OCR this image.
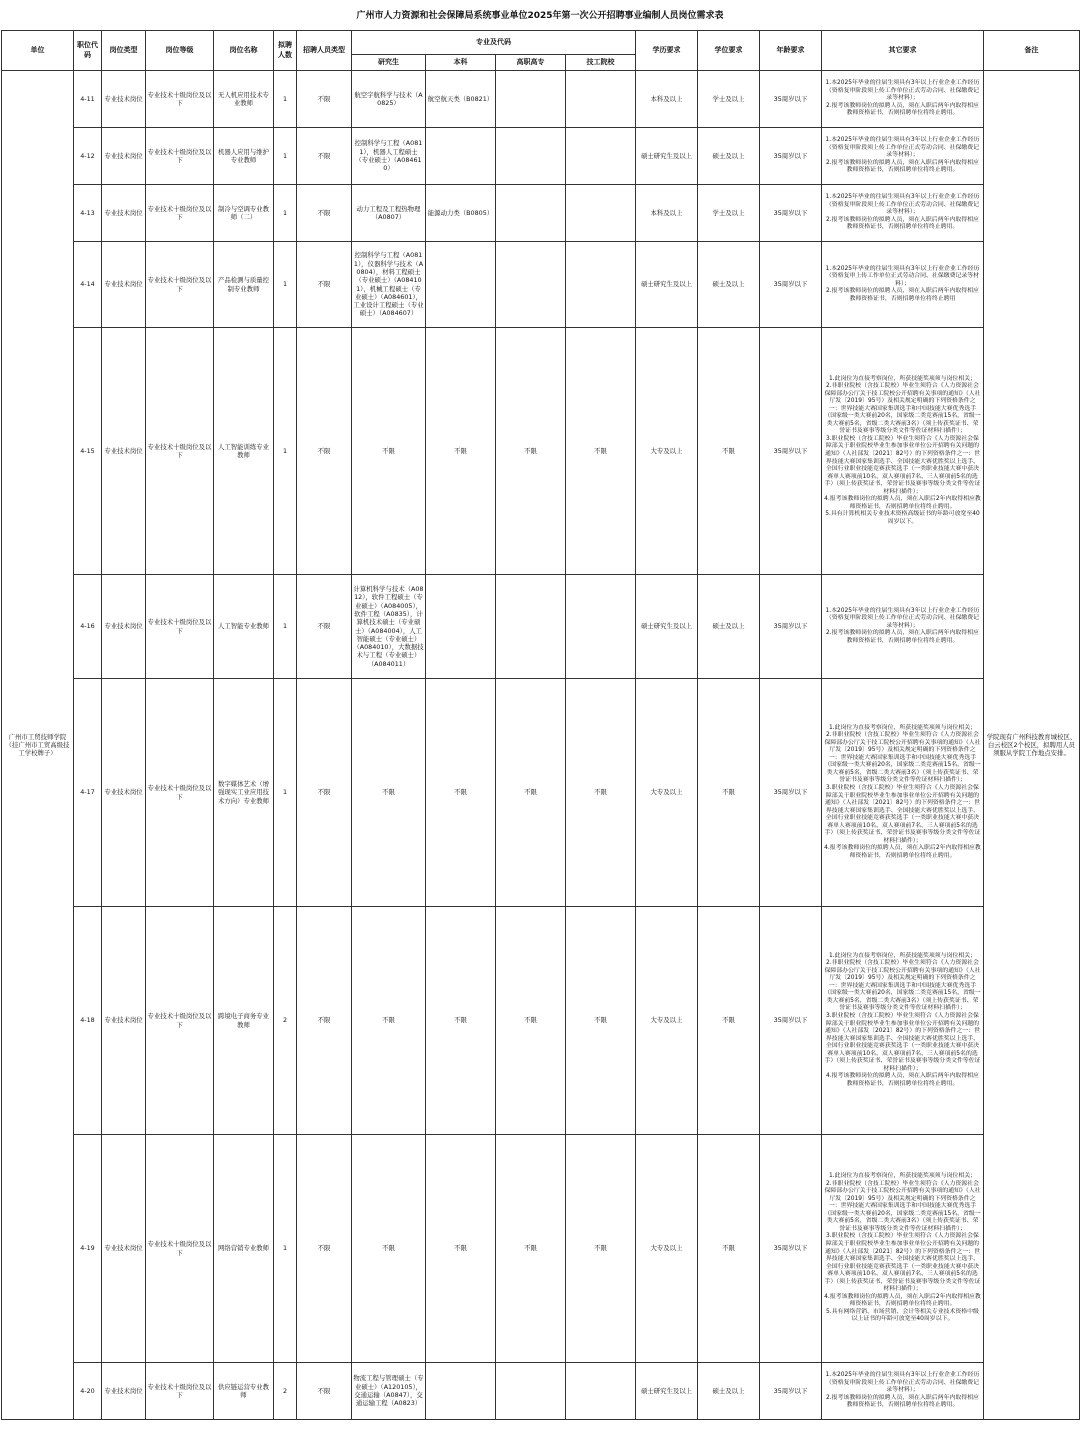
广州市人力资源和社会保障局系统事业单位2025年第一次公开招聘事业编制人员岗位需求表
单位	职位代码	岗位类型	岗位等级	岗位名称	拟聘人数	招聘人员类型	专业及代码				学历要求	学位要求	年龄要求	其它要求	备注
							研究生	本科	高职高专	技工院校					
广州市工贸技师学院（挂广州市工贸高级技工学校牌子）	4-11	专业技术岗位	专业技术十级岗位及以下	无人机应用技术专业教师	1	不限	航空宇航科学与技术（A0825）	航空航天类（B0821）			本科及以上	学士及以上	35周岁以下	1.本2025年毕业的往届生须具有3年以上行业企业工作经历（资格复审阶段须上传工作单位正式劳动合同、社保缴费记录等材料）；
2.报考该教师岗位的拟聘人员，须在入职后两年内取得相应教师资格证书，否则招聘单位将终止聘用。	学院现有广州科技教育城校区、白云校区2个校区，拟聘用人员须服从学院工作地点安排。
	4-12	专业技术岗位	专业技术十级岗位及以下	机器人应用与维护专业教师	1	不限	控制科学与工程（A0811），机器人工程硕士（专业硕士）（A084610）				硕士研究生及以上	硕士及以上	35周岁以下	1.本2025年毕业的往届生须具有3年以上行业企业工作经历（资格复审阶段须上传工作单位正式劳动合同、社保缴费记录等材料）；
2.报考该教师岗位的拟聘人员，须在入职后两年内取得相应教师资格证书，否则招聘单位将终止聘用。	

	4-13	专业技术岗位	专业技术十级岗位及以下	制冷与空调专业教师（二）	1	不限	动力工程及工程热物理（A0807）	能源动力类（B0805）			本科及以上	学士及以上	35周岁以下	1.本2025年毕业的往届生须具有3年以上行业企业工作经历（资格复审阶段须上传工作单位正式劳动合同、社保缴费记录等材料）；
2.报考该教师岗位的拟聘人员，须在入职后两年内取得相应教师资格证书，否则招聘单位将终止聘用。	

	4-14	专业技术岗位	专业技术十级岗位及以下	产品检测与质量控制专业教师	1	不限	控制科学与工程（A0811），仪器科学与技术（A0804），材料工程硕士（专业硕士）（A084101），机械工程硕士（专业硕士）（A084601），工业设计工程硕士（专业硕士）（A084607）				硕士研究生及以上	硕士及以上	35周岁以下	1.本2025年毕业的往届生须具有3年以上行业企业工作经历（资格复审上传工作单位正式劳动合同、社保缴费记录等材料）；
2.报考该教师岗位的拟聘人员，须在入职后两年内取得相应教师资格证书，否则招聘单位将终止聘用	

	4-15	专业技术岗位	专业技术十级岗位及以下	人工智能训练专业教师	1	不限	不限	不限	不限	不限	大专及以上	不限	35周岁以下	1.此岗位为直接考察岗位，所获技能奖项须与岗位相关；
2.非职业院校（含技工院校）毕业生须符合《人力资源社会保障部办公厅关于技工院校公开招聘有关事项的通知》（人社厅发〔2019〕95号）及相关规定明确的下列资格条件之一：世界技能大赛国家集训选手和中国技能大赛优秀选手（国家级一类大赛前20名，国家级二类竞赛前15名，省级一类大赛前5名，省级二类大赛前3名）（须上传获奖证书、荣誉证书及赛事等级分类文件等佐证材料扫描件）；
3.职业院校（含技工院校）毕业生须符合《人力资源社会保障部关于职业院校毕业生参加事业单位公开招聘有关问题的通知》（人社部发〔2021〕82号）的下列资格条件之一：世界技能大赛国家集训选手、全国技能大赛优胜奖以上选手、全国行业职业技能竞赛获奖选手（一类职业技能大赛中获决赛单人赛项前10名、双人赛项前7名、三人赛项前5名的选手）（须上传获奖证书、荣誉证书及赛事等级分类文件等佐证材料扫描件）；
4.报考该教师岗位的拟聘人员，须在入职后2年内取得相应教师资格证书，否则招聘单位将终止聘用。
5.具有计算机相关专业技术资格高级证书的年龄可放宽至40周岁以下。	

	4-16	专业技术岗位	专业技术十级岗位及以下	人工智能专业教师	1	不限	计算机科学与技术（A0812），软件工程硕士（专业硕士）（A084005），软件工程（A0835），计算机技术硕士（专业硕士）（A084004），人工智能硕士（专业硕士）（A084010），大数据技术与工程（专业硕士）（A084011）				硕士研究生及以上	硕士及以上	35周岁以下	1.本2025年毕业的往届生须具有3年以上行业企业工作经历（资格复审阶段须上传工作单位正式劳动合同、社保缴费记录等材料）；
2.报考该教师岗位的拟聘人员，须在入职后两年内取得相应教师资格证书，否则招聘单位将终止聘用。	

	4-17	专业技术岗位	专业技术十级岗位及以下	数字媒体艺术（增强现实工业应用技术方向）专业教师	1	不限	不限	不限	不限	不限	大专及以上	不限	35周岁以下	1.此岗位为直接考察岗位，所获技能奖项须与岗位相关；
2.非职业院校（含技工院校）毕业生须符合《人力资源社会保障部办公厅关于技工院校公开招聘有关事项的通知》（人社厅发〔2019〕95号）及相关规定明确的下列资格条件之一：世界技能大赛国家集训选手和中国技能大赛优秀选手（国家级一类大赛前20名，国家级二类竞赛前15名，省级一类大赛前5名，省级二类大赛前3名）（须上传获奖证书、荣誉证书及赛事等级分类文件等佐证材料扫描件）；
3.职业院校（含技工院校）毕业生须符合《人力资源社会保障部关于职业院校毕业生参加事业单位公开招聘有关问题的通知》（人社部发〔2021〕82号）的下列资格条件之一：世界技能大赛国家集训选手、全国技能大赛优胜奖以上选手、全国行业职业技能竞赛获奖选手（一类职业技能大赛中获决赛单人赛项前10名、双人赛项前7名、三人赛项前5名的选手）（须上传获奖证书、荣誉证书及赛事等级分类文件等佐证材料扫描件）；
4.报考该教师岗位的拟聘人员，须在入职后2年内取得相应教师资格证书，否则招聘单位将终止聘用。	

	4-18	专业技术岗位	专业技术十级岗位及以下	跨境电子商务专业教师	2	不限	不限	不限	不限	不限	大专及以上	不限	35周岁以下	1.此岗位为直接考察岗位，所获技能奖项须与岗位相关；
2.非职业院校（含技工院校）毕业生须符合《人力资源社会保障部办公厅关于技工院校公开招聘有关事项的通知》（人社厅发〔2019〕95号）及相关规定明确的下列资格条件之一：世界技能大赛国家集训选手和中国技能大赛优秀选手（国家级一类大赛前20名，国家级二类竞赛前15名，省级一类大赛前5名，省级二类大赛前3名）（须上传获奖证书、荣誉证书及赛事等级分类文件等佐证材料扫描件）；
3.职业院校（含技工院校）毕业生须符合《人力资源社会保障部关于职业院校毕业生参加事业单位公开招聘有关问题的通知》（人社部发〔2021〕82号）的下列资格条件之一：世界技能大赛国家集训选手、全国技能大赛优胜奖以上选手、全国行业职业技能竞赛获奖选手（一类职业技能大赛中获决赛单人赛项前10名、双人赛项前7名、三人赛项前5名的选手）（须上传获奖证书、荣誉证书及赛事等级分类文件等佐证材料扫描件）；
4.报考该教师岗位的拟聘人员，须在入职后两年内取得相应教师资格证书，否则招聘单位将终止聘用。	

	4-19	专业技术岗位	专业技术十级岗位及以下	网络营销专业教师	1	不限	不限	不限	不限	不限	大专及以上	不限	35周岁以下	1.此岗位为直接考察岗位，所获技能奖项须与岗位相关；
2.非职业院校（含技工院校）毕业生须符合《人力资源社会保障部办公厅关于技工院校公开招聘有关事项的通知》（人社厅发〔2019〕95号）及相关规定明确的下列资格条件之一：世界技能大赛国家集训选手和中国技能大赛优秀选手（国家级一类大赛前20名，国家级二类竞赛前15名，省级一类大赛前5名，省级二类大赛前3名）（须上传获奖证书、荣誉证书及赛事等级分类文件等佐证材料扫描件）；
3.职业院校（含技工院校）毕业生须符合《人力资源社会保障部关于职业院校毕业生参加事业单位公开招聘有关问题的通知》（人社部发〔2021〕82号）的下列资格条件之一：世界技能大赛国家集训选手、全国技能大赛优胜奖以上选手、全国行业职业技能竞赛获奖选手（一类职业技能大赛中获决赛单人赛项前10名、双人赛项前7名、三人赛项前5名的选手）（须上传获奖证书、荣誉证书及赛事等级分类文件等佐证材料扫描件）；
4.报考该教师岗位的拟聘人员，须在入职后2年内取得相应教师资格证书，否则招聘单位将终止聘用。
5.具有网络营销、市场营销、会计等相关专业技术资格中级以上证书的年龄可放宽至40周岁以下。	

	4-20	专业技术岗位	专业技术十级岗位及以下	供应链运营专业教师	2	不限	物流工程与管理硕士（专业硕士）（A120105），交通运输（A0847），交通运输工程（A0823）				硕士研究生及以上	硕士及以上	35周岁以下	1.本2025年毕业的往届生须具有3年以上行业企业工作经历（资格复审阶段须上传工作单位正式劳动合同、社保缴费记录等材料）；
2.报考该教师岗位的拟聘人员，须在入职后两年内取得相应教师资格证书，否则招聘单位将终止聘用。	
